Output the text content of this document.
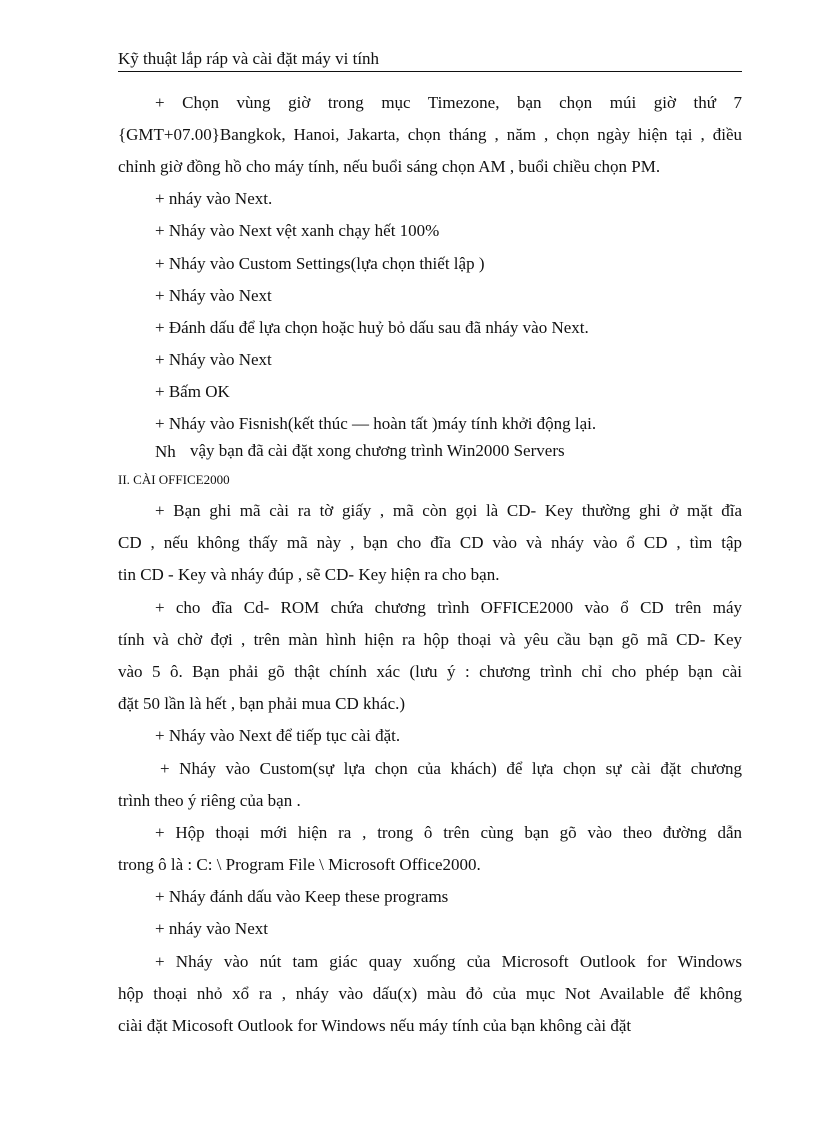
Kỹ thuật lắp ráp và cài đặt máy vi tính
+ Chọn vùng giờ trong mục Timezone, bạn chọn múi giờ thứ 7
{GMT+07.00}Bangkok, Hanoi, Jakarta, chọn tháng , năm , chọn ngày hiện tại , điều
chỉnh giờ đồng hồ cho máy tính, nếu buổi sáng chọn AM , buổi chiều chọn PM.
+ nháy vào Next.
+ Nháy vào Next vệt xanh chạy hết 100%
+ Nháy vào Custom Settings(lựa chọn thiết lập )
+ Nháy vào Next
+ Đánh dấu để lựa chọn hoặc huỷ bỏ dấu sau đã nháy vào Next.
+ Nháy vào Next
+ Bấm OK
+ Nháy vào Fisnish(kết thúc — hoàn tất )máy tính khởi động lại.
Nh vậy bạn đã cài đặt xong chương trình Win2000 Servers
II. CÀI OFFICE2000
+ Bạn ghi mã cài ra tờ giấy , mã còn gọi là CD- Key thường ghi ở mặt đĩa
CD , nếu không thấy mã này , bạn cho đĩa CD vào và nháy vào ổ CD , tìm tập
tin CD - Key và nháy đúp , sẽ CD- Key hiện ra cho bạn.
+ cho đĩa Cd- ROM chứa chương trình OFFICE2000 vào ổ CD trên máy
tính và chờ đợi , trên màn hình hiện ra hộp thoại và yêu cầu bạn gõ mã CD- Key
vào 5 ô. Bạn phải gõ thật chính xác (lưu ý : chương trình chỉ cho phép bạn cài
đặt 50 lần là hết , bạn phải mua CD khác.)
+ Nháy vào Next để tiếp tục cài đặt.
+ Nháy vào Custom(sự lựa chọn của khách) để lựa chọn sự cài đặt chương
trình theo ý riêng của bạn .
+ Hộp thoại mới hiện ra , trong ô trên cùng bạn gõ vào theo đường dẫn
trong ô là : C: \ Program File \ Microsoft Office2000.
+ Nháy đánh dấu vào Keep these programs
+ nháy vào Next
+ Nháy vào nút tam giác quay xuống của Microsoft Outlook for Windows
hộp thoại nhỏ xổ ra , nháy vào dấu(x) màu đỏ của mục Not Available để không
ciài đặt Micosoft Outlook for Windows nếu máy tính của bạn không cài đặt
